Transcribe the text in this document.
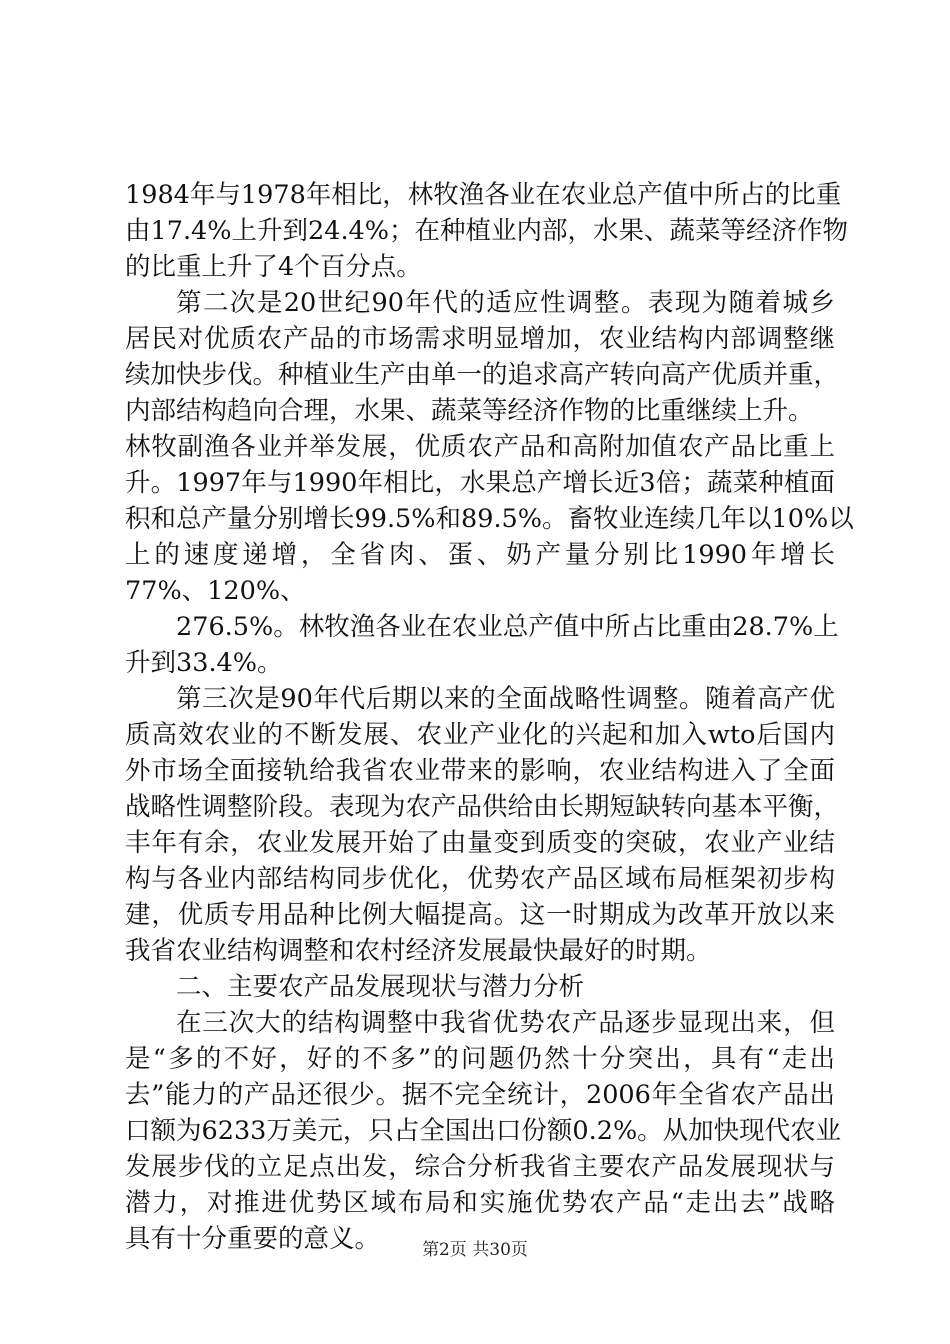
1984年与1978年相比，林牧渔各业在农业总产值中所占的比重
由17.4%上升到24.4%；在种植业内部，水果、蔬菜等经济作物
的比重上升了4个百分点。
第二次是20世纪90年代的适应性调整。表现为随着城乡
居民对优质农产品的市场需求明显增加，农业结构内部调整继
续加快步伐。种植业生产由单一的追求高产转向高产优质并重，
内部结构趋向合理，水果、蔬菜等经济作物的比重继续上升。
林牧副渔各业并举发展，优质农产品和高附加值农产品比重上
升。1997年与1990年相比，水果总产增长近3倍；蔬菜种植面
积和总产量分别增长99.5%和89.5%。畜牧业连续几年以10%以
上的速度递增，全省肉、蛋、奶产量分别比1990年增长
77%、120%、
276.5%。林牧渔各业在农业总产值中所占比重由28.7%上
升到33.4%。
第三次是90年代后期以来的全面战略性调整。随着高产优
质高效农业的不断发展、农业产业化的兴起和加入wto后国内
外市场全面接轨给我省农业带来的影响，农业结构进入了全面
战略性调整阶段。表现为农产品供给由长期短缺转向基本平衡，
丰年有余，农业发展开始了由量变到质变的突破，农业产业结
构与各业内部结构同步优化，优势农产品区域布局框架初步构
建，优质专用品种比例大幅提高。这一时期成为改革开放以来
我省农业结构调整和农村经济发展最快最好的时期。
二、主要农产品发展现状与潜力分析
在三次大的结构调整中我省优势农产品逐步显现出来，但
是“多的不好，好的不多”的问题仍然十分突出，具有“走出
去”能力的产品还很少。据不完全统计，2006年全省农产品出
口额为6233万美元，只占全国出口份额0.2%。从加快现代农业
发展步伐的立足点出发，综合分析我省主要农产品发展现状与
潜力，对推进优势区域布局和实施优势农产品“走出去”战略
具有十分重要的意义。	第2页 共30页
